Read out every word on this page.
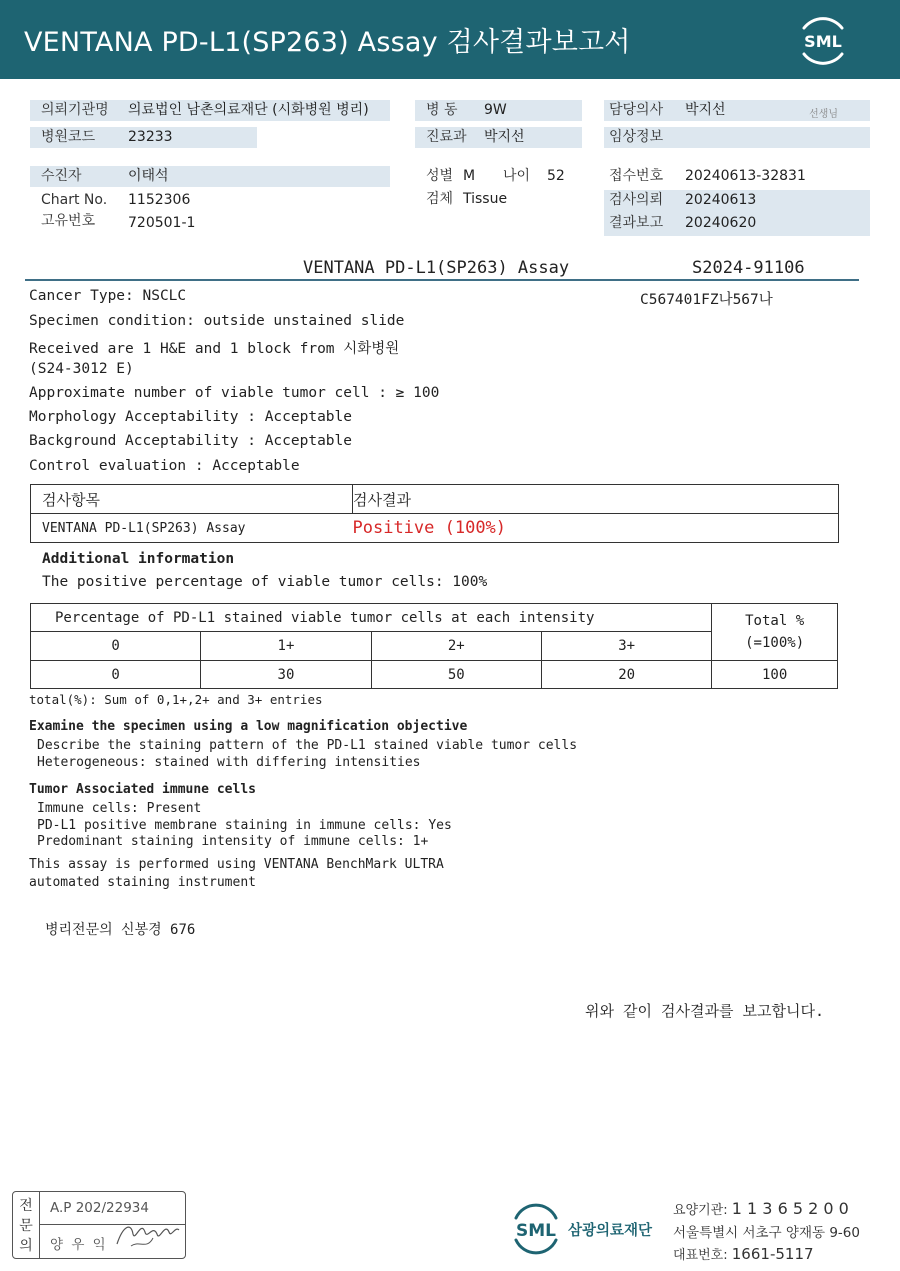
VENTANA PD-L1(SP263) Assay 검사결과보고서	SML
의뢰기관명 의료법인 남촌의료재단 (시화병원 병리)	병 동 9W	담당의사 박지선	선생님
병원코드 23233	진료과 박지선	임상정보
수진자	이태석	성별 M 나이 52	접수번호 20240613-32831
Chart No. 1152306	검체 Tissue	검사의뢰 20240613
고유번호 720501-1	결과보고 20240620
VENTANA PD-L1(SP263) Assay	S2024-91106
C567401FZ나567나
Cancer Type: NSCLC
Specimen condition: outside unstained slide
Received are 1 H&E and 1 block from 시화병원
(S24-3012 E)
Approximate number of viable tumor cell : ≥ 100
Morphology Acceptability : Acceptable
Background Acceptability : Acceptable
Control evaluation : Acceptable
검사항목	검사결과
VENTANA PD-L1(SP263) Assay	Positive (100%)
Additional information
The positive percentage of viable tumor cells: 100%
Percentage of PD-L1 stained viable tumor cells at each intensity				Total %
(=100%)

0	1+	2+	3+	
0	30	50	20	100
total(%): Sum of 0,1+,2+ and 3+ entries
Examine the specimen using a low magnification objective
Describe the staining pattern of the PD-L1 stained viable tumor cells
Heterogeneous: stained with differing intensities
Tumor Associated immune cells
Immune cells: Present
PD-L1 positive membrane staining in immune cells: Yes
Predominant staining intensity of immune cells: 1+
This assay is performed using VENTANA BenchMark ULTRA
automated staining instrument
병리전문의 신봉경 676
위와 같이 검사결과를 보고합니다.
전
문
의
A.P 202/22934
양 우 익
SML 삼광의료재단
요양기관: 1 1 3 6 5 2 0 0
서울특별시 서초구 양재동 9-60
대표번호: 1661-5117
